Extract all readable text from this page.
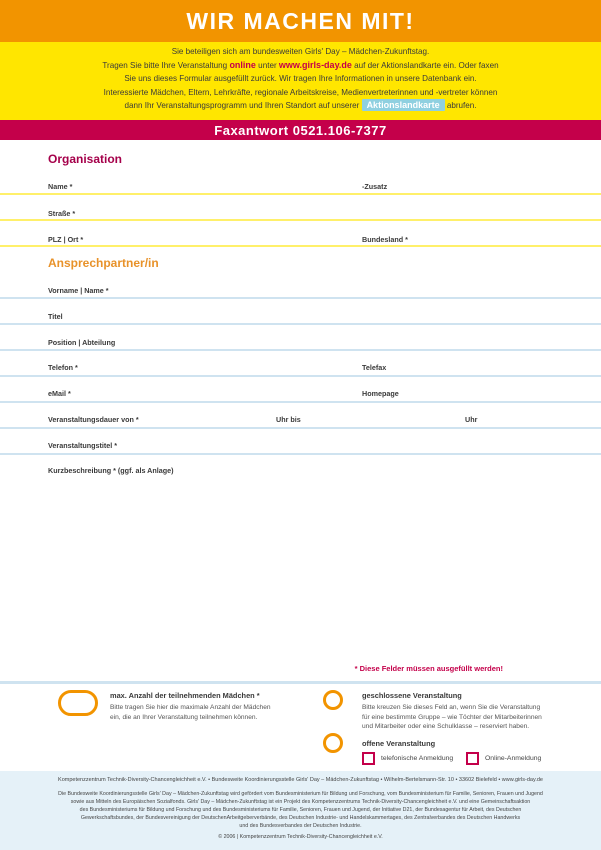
WIR MACHEN MIT!
Sie beteiligen sich am bundesweiten Girls' Day – Mädchen-Zukunftstag.
Tragen Sie bitte Ihre Veranstaltung online unter www.girls-day.de auf der Aktionslandkarte ein. Oder faxen
Sie uns dieses Formular ausgefüllt zurück. Wir tragen Ihre Informationen in unsere Datenbank ein.
Interessierte Mädchen, Eltern, Lehrkräfte, regionale Arbeitskreise, Medienvertreterinnen und -vertreter können
dann Ihr Veranstaltungsprogramm und Ihren Standort auf unserer Aktionslandkarte abrufen.
Faxantwort 0521.106-7377
Organisation
Name *	-Zusatz
Straße *
PLZ | Ort *	Bundesland *
Ansprechpartner/in
Vorname | Name *
Titel
Position | Abteilung
Telefon *	Telefax
eMail *	Homepage
Veranstaltungsdauer von *	Uhr bis	Uhr
Veranstaltungstitel *
Kurzbeschreibung * (ggf. als Anlage)
* Diese Felder müssen ausgefüllt werden!
max. Anzahl der teilnehmenden Mädchen *
Bitte tragen Sie hier die maximale Anzahl der Mädchen
ein, die an Ihrer Veranstaltung teilnehmen können.
geschlossene Veranstaltung
Bitte kreuzen Sie dieses Feld an, wenn Sie die Veranstaltung
für eine bestimmte Gruppe – wie Töchter der Mitarbeiterinnen
und Mitarbeiter oder eine Schulklasse – reserviert haben.
offene Veranstaltung
telefonische Anmeldung	Online-Anmeldung
Kompetenzzentrum Technik-Diversity-Chancengleichheit e.V. • Bundesweite Koordinierungsstelle Girls' Day – Mädchen-Zukunftstag • Wilhelm-Bertelsmann-Str. 10 • 33602 Bielefeld • www.girls-day.de
Die Bundesweite Koordinierungsstelle Girls' Day – Mädchen-Zukunftstag wird gefördert vom Bundesministerium für Bildung und Forschung, vom Bundesministerium für Familie, Senioren, Frauen und Jugend
sowie aus Mitteln des Europäischen Sozialfonds. Girls' Day – Mädchen-Zukunftstag ist ein Projekt des Kompetenzzentrums Technik-Diversity-Chancengleichheit e.V. und eine Gemeinschaftsaktion
des Bundesministeriums für Bildung und Forschung und des Bundesministeriums für Familie, Senioren, Frauen und Jugend, der Initiative D21, der Bundesagentur für Arbeit, des Deutschen
Gewerkschaftsbundes, der Bundesvereinigung der DeutschenArbeitgeberverbände, des Deutschen Industrie- und Handelskammertages, des Zentralverbandes des Deutschen Handwerks
und des Bundesverbandes der Deutschen Industrie.
© 2006 | Kompetenzzentrum Technik-Diversity-Chancengleichheit e.V.
